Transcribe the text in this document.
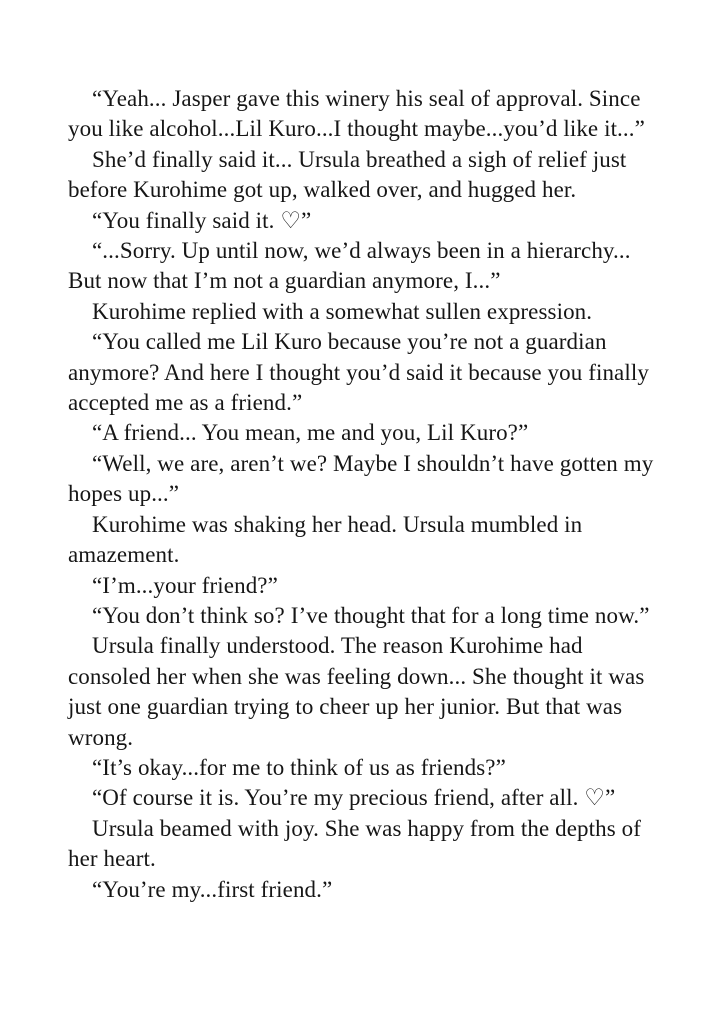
“Yeah... Jasper gave this winery his seal of approval. Since
you like alcohol...Lil Kuro...I thought maybe...you’d like it...”

She’d finally said it... Ursula breathed a sigh of relief just
before Kurohime got up, walked over, and hugged her.

“You finally said it. ♡”

“...Sorry. Up until now, we’d always been in a hierarchy...
But now that I’m not a guardian anymore, I...”

Kurohime replied with a somewhat sullen expression.

“You called me Lil Kuro because you’re not a guardian
anymore? And here I thought you’d said it because you finally
accepted me as a friend.”

“A friend... You mean, me and you, Lil Kuro?”

“Well, we are, aren’t we? Maybe I shouldn’t have gotten my
hopes up...”

Kurohime was shaking her head. Ursula mumbled in
amazement.

“I’m...your friend?”

“You don’t think so? I’ve thought that for a long time now.”

Ursula finally understood. The reason Kurohime had
consoled her when she was feeling down... She thought it was
just one guardian trying to cheer up her junior. But that was
wrong.

“It’s okay...for me to think of us as friends?”

“Of course it is. You’re my precious friend, after all. ♡”

Ursula beamed with joy. She was happy from the depths of
her heart.

“You’re my...first friend.”
